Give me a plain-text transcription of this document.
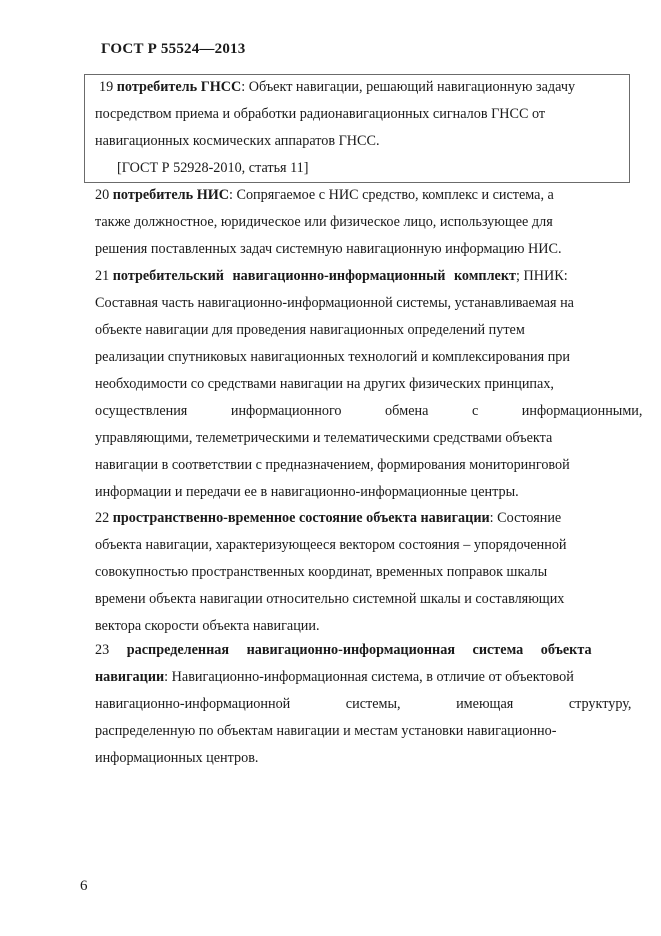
ГОСТ Р 55524—2013
19 потребитель ГНСС: Объект навигации, решающий навигационную задачу
посредством приема и обработки радионавигационных сигналов ГНСС от
навигационных космических аппаратов ГНСС.
[ГОСТ Р 52928-2010, статья 11]
20 потребитель НИС: Сопрягаемое с НИС средство, комплекс и система, а
также должностное, юридическое или физическое лицо, использующее для
решения поставленных задач системную навигационную информацию НИС.
21 потребительский навигационно-информационный комплект; ПНИК:
Составная часть навигационно-информационной системы, устанавливаемая на
объекте навигации для проведения навигационных определений путем
реализации спутниковых навигационных технологий и комплексирования при
необходимости со средствами навигации на других физических принципах,
осуществления информационного обмена с информационными,
управляющими, телеметрическими и телематическими средствами объекта
навигации в соответствии с предназначением, формирования мониторинговой
информации и передачи ее в навигационно-информационные центры.
22 пространственно-временное состояние объекта навигации: Состояние
объекта навигации, характеризующееся вектором состояния – упорядоченной
совокупностью пространственных координат, временных поправок шкалы
времени объекта навигации относительно системной шкалы и составляющих
вектора скорости объекта навигации.
23 распределенная навигационно-информационная система объекта
навигации: Навигационно-информационная система, в отличие от объектовой
навигационно-информационной системы, имеющая структуру,
распределенную по объектам навигации и местам установки навигационно-
информационных центров.
6
